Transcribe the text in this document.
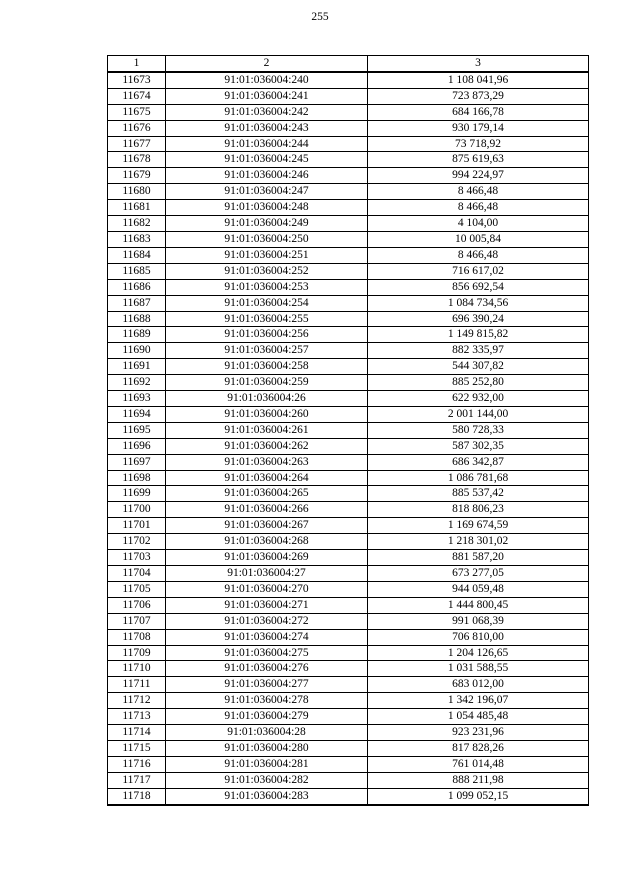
255
1	2	3
11673	91:01:036004:240	1 108 041,96
11674	91:01:036004:241	723 873,29
11675	91:01:036004:242	684 166,78
11676	91:01:036004:243	930 179,14
11677	91:01:036004:244	73 718,92
11678	91:01:036004:245	875 619,63
11679	91:01:036004:246	994 224,97
11680	91:01:036004:247	8 466,48
11681	91:01:036004:248	8 466,48
11682	91:01:036004:249	4 104,00
11683	91:01:036004:250	10 005,84
11684	91:01:036004:251	8 466,48
11685	91:01:036004:252	716 617,02
11686	91:01:036004:253	856 692,54
11687	91:01:036004:254	1 084 734,56
11688	91:01:036004:255	696 390,24
11689	91:01:036004:256	1 149 815,82
11690	91:01:036004:257	882 335,97
11691	91:01:036004:258	544 307,82
11692	91:01:036004:259	885 252,80
11693	91:01:036004:26	622 932,00
11694	91:01:036004:260	2 001 144,00
11695	91:01:036004:261	580 728,33
11696	91:01:036004:262	587 302,35
11697	91:01:036004:263	686 342,87
11698	91:01:036004:264	1 086 781,68
11699	91:01:036004:265	885 537,42
11700	91:01:036004:266	818 806,23
11701	91:01:036004:267	1 169 674,59
11702	91:01:036004:268	1 218 301,02
11703	91:01:036004:269	881 587,20
11704	91:01:036004:27	673 277,05
11705	91:01:036004:270	944 059,48
11706	91:01:036004:271	1 444 800,45
11707	91:01:036004:272	991 068,39
11708	91:01:036004:274	706 810,00
11709	91:01:036004:275	1 204 126,65
11710	91:01:036004:276	1 031 588,55
11711	91:01:036004:277	683 012,00
11712	91:01:036004:278	1 342 196,07
11713	91:01:036004:279	1 054 485,48
11714	91:01:036004:28	923 231,96
11715	91:01:036004:280	817 828,26
11716	91:01:036004:281	761 014,48
11717	91:01:036004:282	888 211,98
11718	91:01:036004:283	1 099 052,15
